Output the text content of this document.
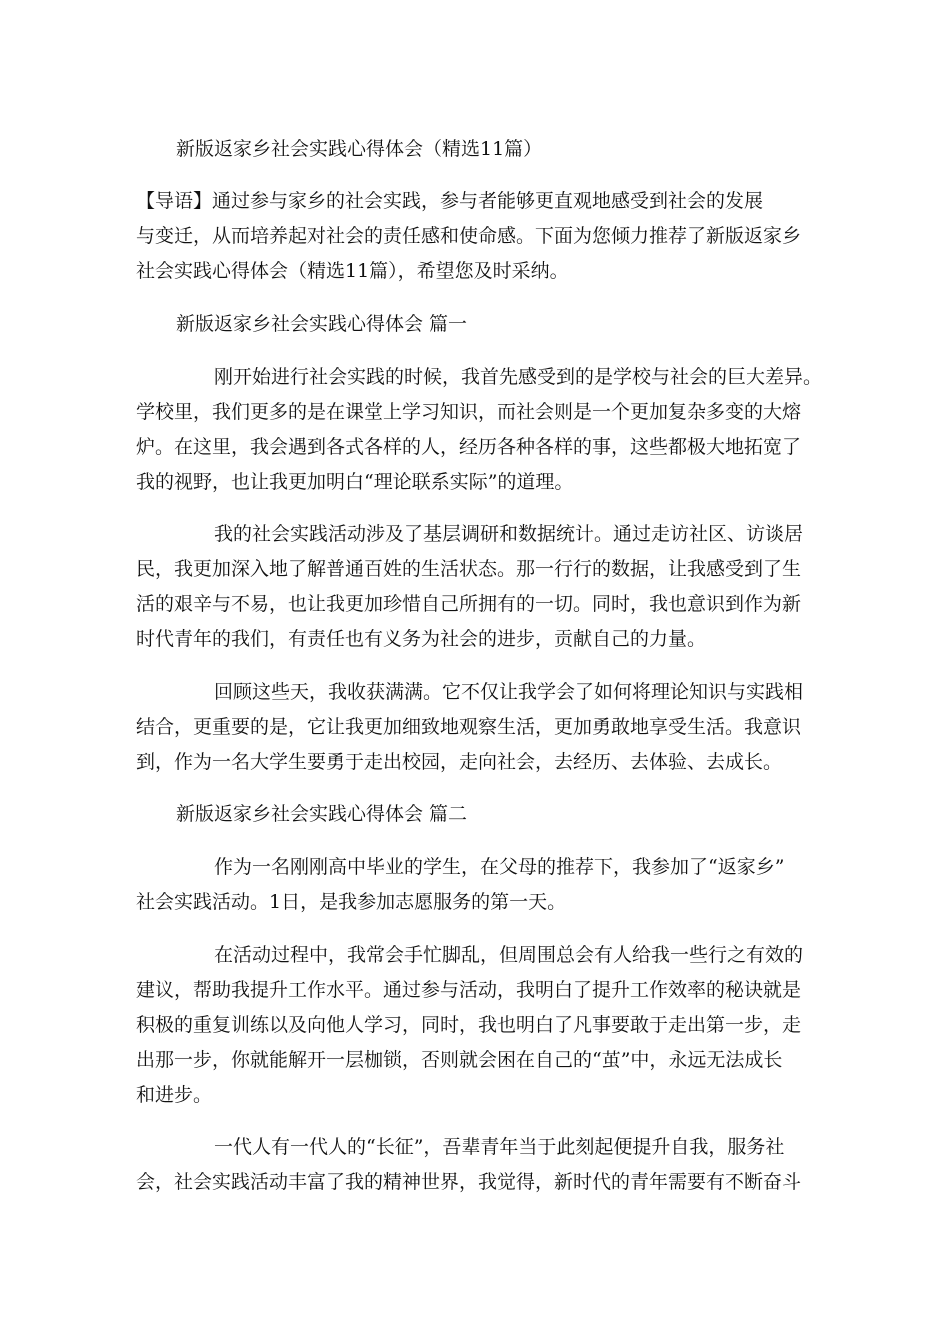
新版返家乡社会实践心得体会（精选11篇）
【导语】通过参与家乡的社会实践，参与者能够更直观地感受到社会的发展
与变迁，从而培养起对社会的责任感和使命感。下面为您倾力推荐了新版返家乡
社会实践心得体会（精选11篇），希望您及时采纳。
新版返家乡社会实践心得体会 篇一
刚开始进行社会实践的时候，我首先感受到的是学校与社会的巨大差异。
学校里，我们更多的是在课堂上学习知识，而社会则是一个更加复杂多变的大熔
炉。在这里，我会遇到各式各样的人，经历各种各样的事，这些都极大地拓宽了
我的视野，也让我更加明白“理论联系实际”的道理。
我的社会实践活动涉及了基层调研和数据统计。通过走访社区、访谈居
民，我更加深入地了解普通百姓的生活状态。那一行行的数据，让我感受到了生
活的艰辛与不易，也让我更加珍惜自己所拥有的一切。同时，我也意识到作为新
时代青年的我们，有责任也有义务为社会的进步，贡献自己的力量。
回顾这些天，我收获满满。它不仅让我学会了如何将理论知识与实践相
结合，更重要的是，它让我更加细致地观察生活，更加勇敢地享受生活。我意识
到，作为一名大学生要勇于走出校园，走向社会，去经历、去体验、去成长。
新版返家乡社会实践心得体会 篇二
作为一名刚刚高中毕业的学生，在父母的推荐下，我参加了“返家乡”
社会实践活动。1日，是我参加志愿服务的第一天。
在活动过程中，我常会手忙脚乱，但周围总会有人给我一些行之有效的
建议，帮助我提升工作水平。通过参与活动，我明白了提升工作效率的秘诀就是
积极的重复训练以及向他人学习，同时，我也明白了凡事要敢于走出第一步，走
出那一步，你就能解开一层枷锁，否则就会困在自己的“茧”中，永远无法成长
和进步。
一代人有一代人的“长征”，吾辈青年当于此刻起便提升自我，服务社
会，社会实践活动丰富了我的精神世界，我觉得，新时代的青年需要有不断奋斗
